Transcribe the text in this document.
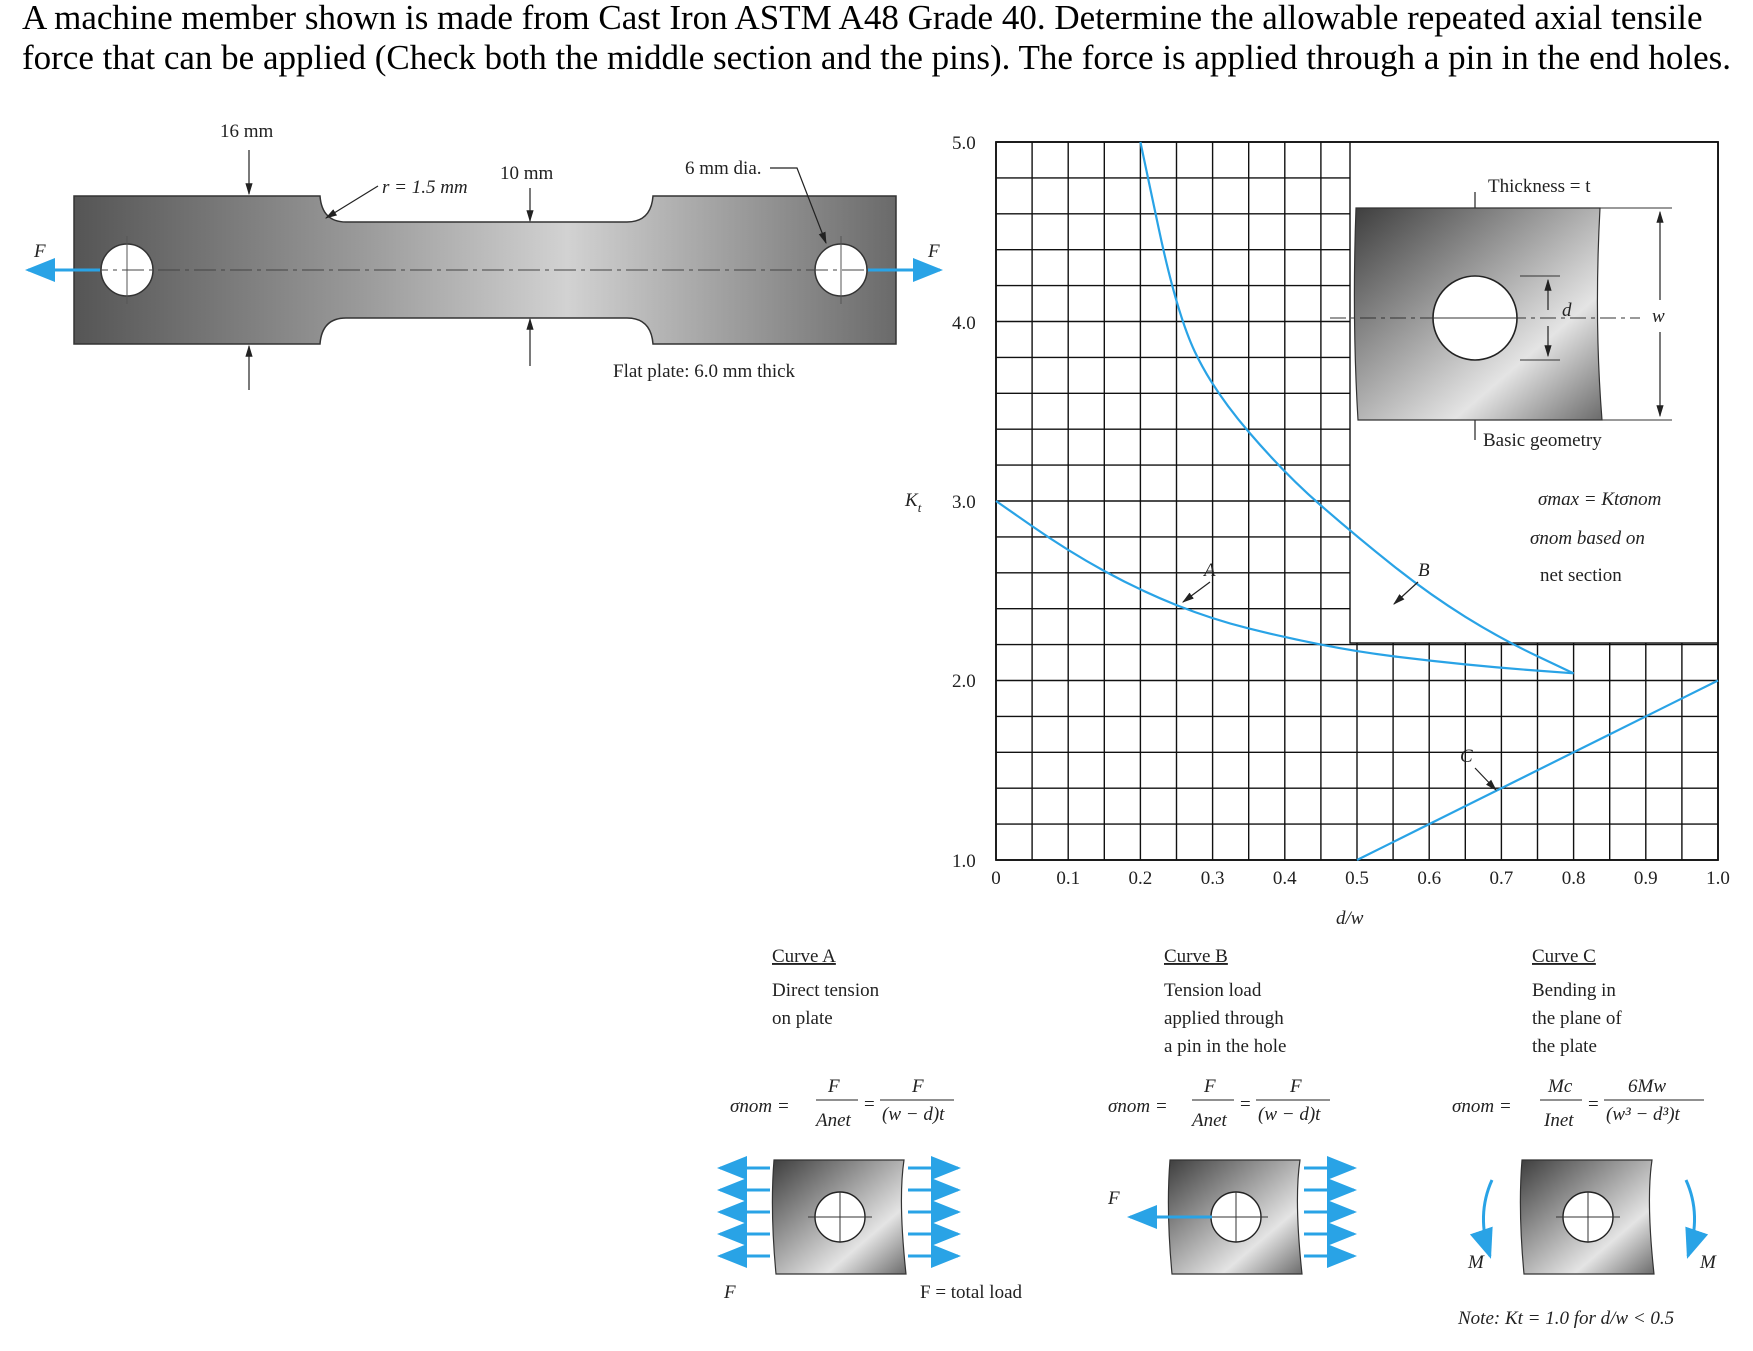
A machine member shown is made from Cast Iron ASTM A48 Grade 40. Determine the allowable repeated axial tensile force that can be applied (Check both the middle section and the pins). The force is applied through a pin in the end holes.

F	F
16 mm
r = 1.5 mm
10 mm	6 mm dia.
Flat plate: 6.0 mm thick
5.0
4.0
3.0
2.0
1.0
$K_t$
0	0.1	0.2	0.3	0.4	0.5	0.6	0.7	0.8	0.9	1.0
d/w
A	B
C
Thickness = t
d	w
Basic geometry
σmax = Ktσnom
σnom based on
net section
Curve A
Direct tension
on plate
σnom =
F
Anet
=
F
(w − d)t
F	F = total load
Curve B
Tension load
applied through
a pin in the hole
σnom =
F
Anet
=
F
(w − d)t
F
Curve C
Bending in
the plane of
the plate
σnom =
Mc
Inet
=
6Mw
(w³ − d³)t
M	M
Note: Kt = 1.0 for d/w < 0.5
